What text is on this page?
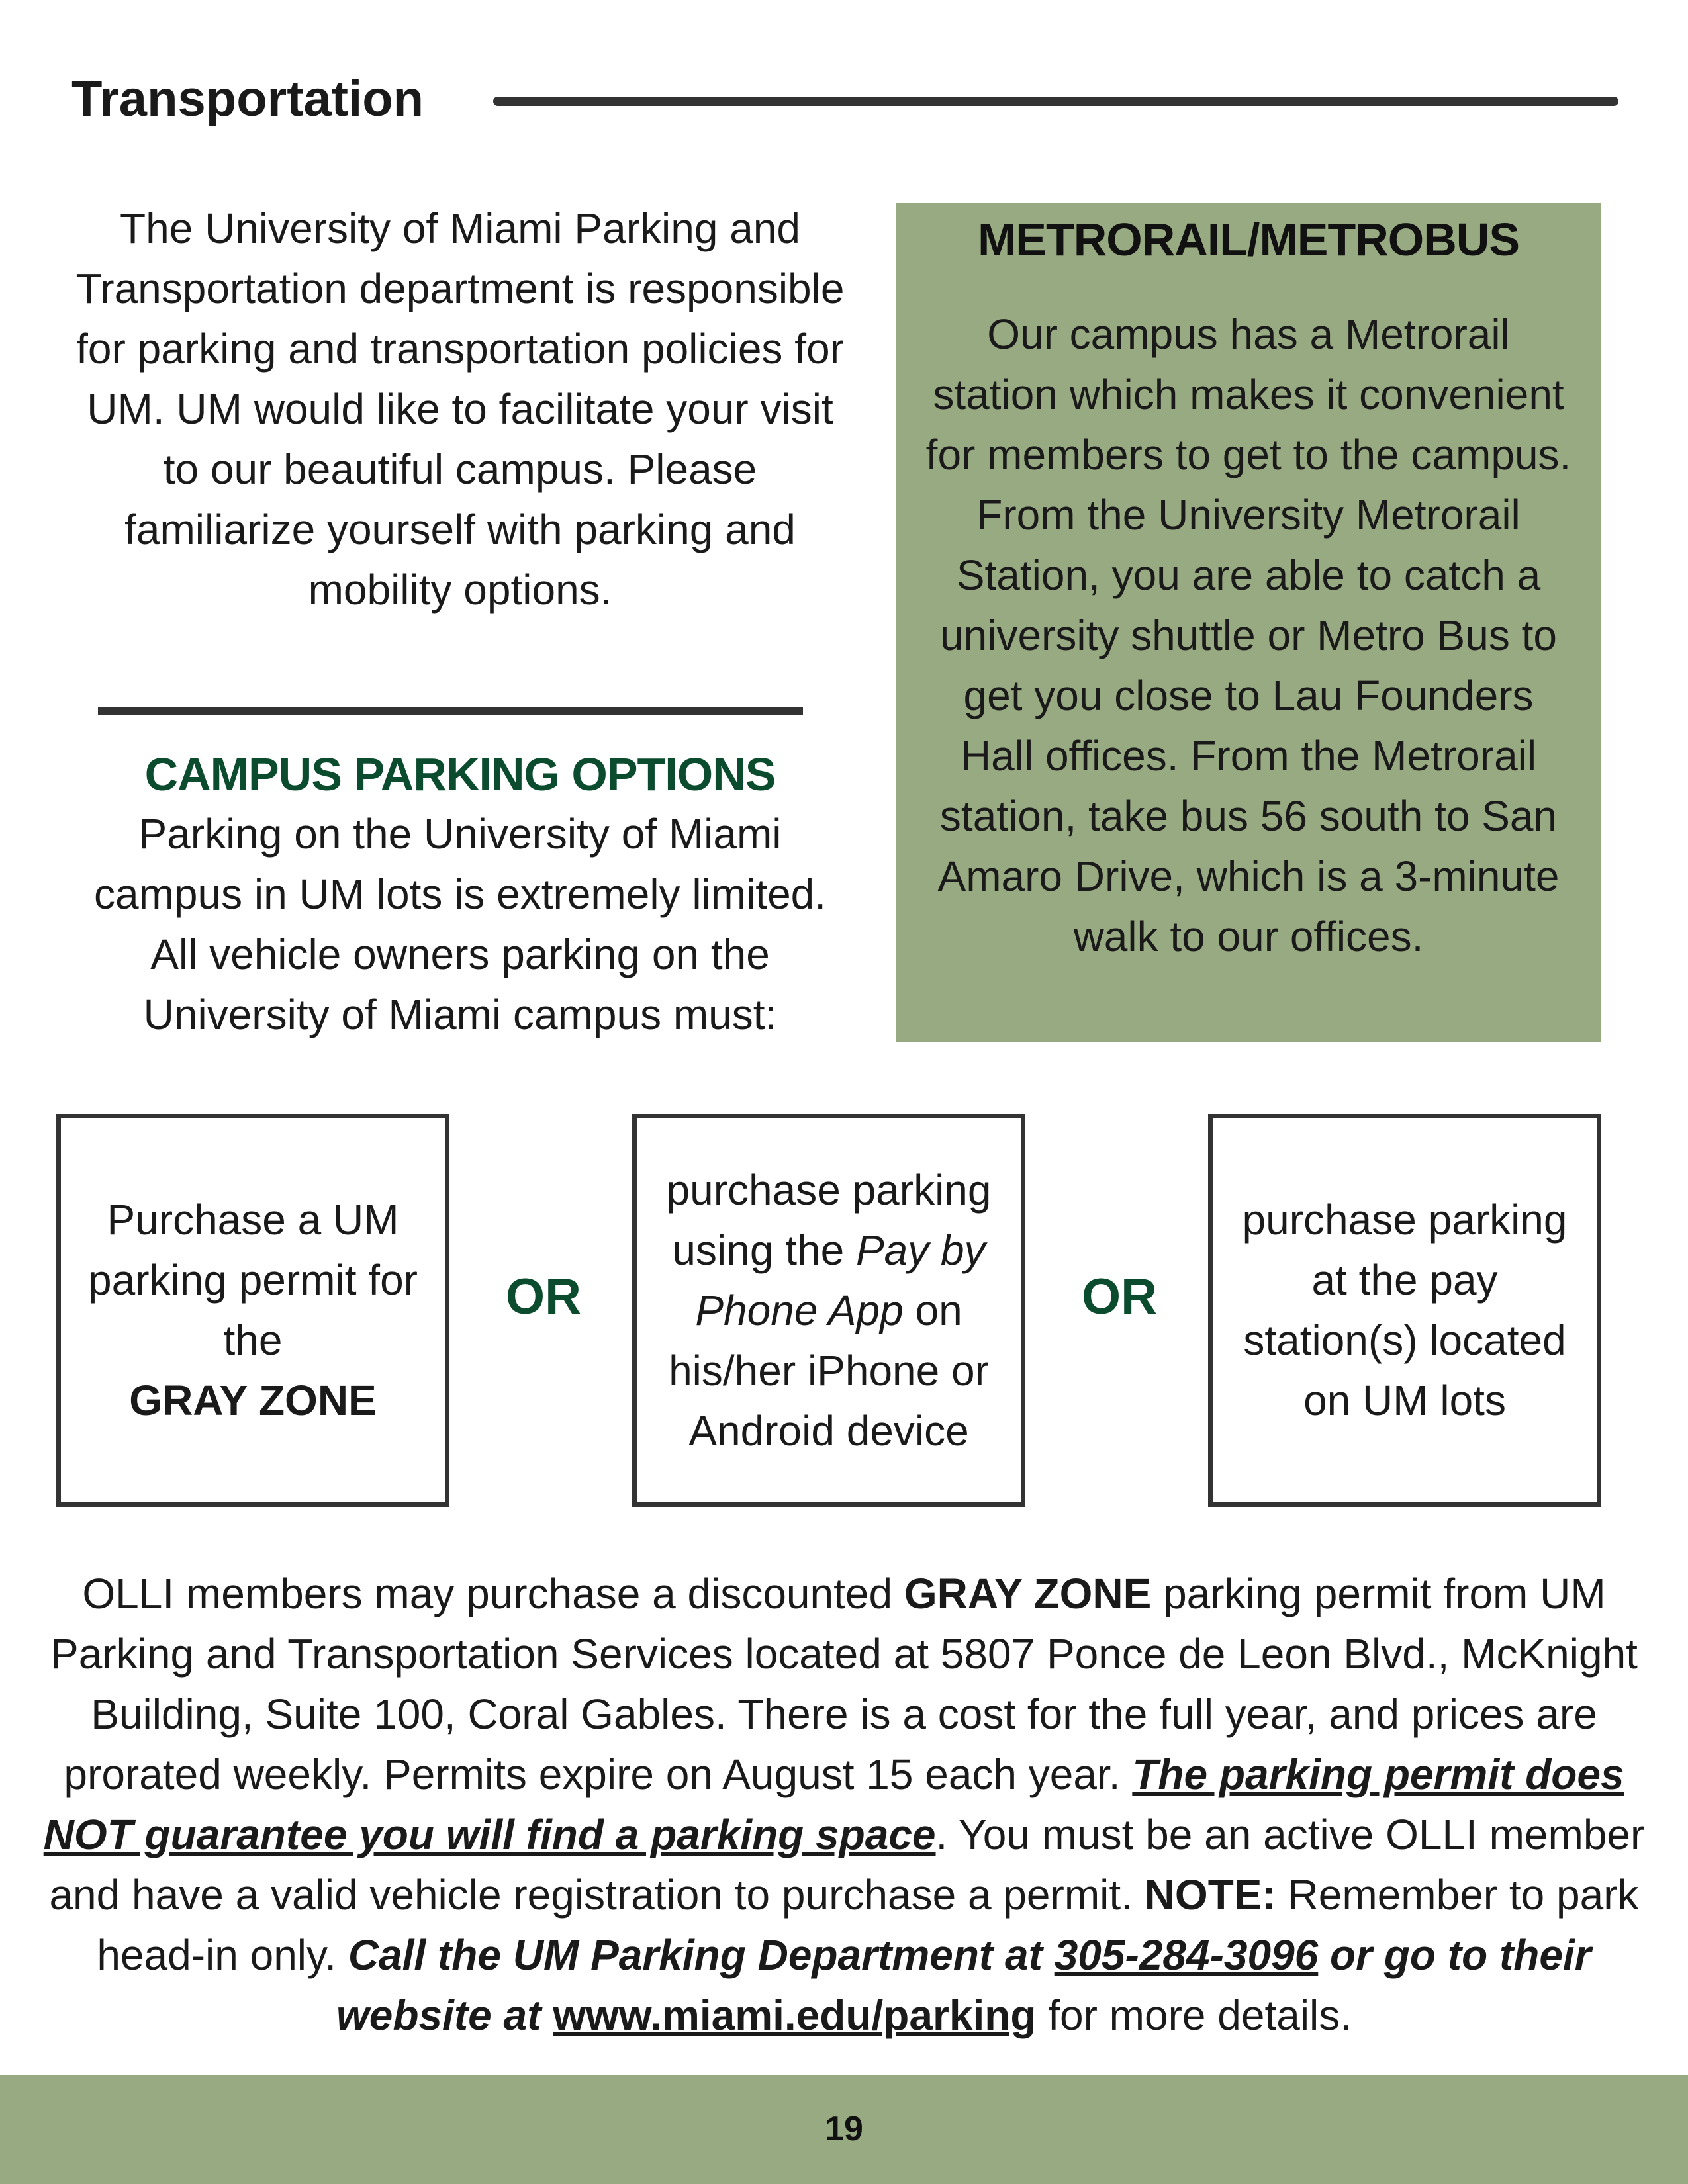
Transportation
The University of Miami Parking and Transportation department is responsible for parking and transportation policies for UM. UM would like to facilitate your visit to our beautiful campus. Please familiarize yourself with parking and mobility options.
CAMPUS PARKING OPTIONS
Parking on the University of Miami campus in UM lots is extremely limited. All vehicle owners parking on the University of Miami campus must:
METRORAIL/METROBUS
Our campus has a Metrorail station which makes it convenient for members to get to the campus. From the University Metrorail Station, you are able to catch a university shuttle or Metro Bus to get you close to Lau Founders Hall offices. From the Metrorail station, take bus 56 south to San Amaro Drive, which is a 3-minute walk to our offices.
Purchase a UM parking permit for the
GRAY ZONE
OR
purchase parking using the Pay by Phone App on his/her iPhone or Android device
OR
purchase parking at the pay station(s) located on UM lots
OLLI members may purchase a discounted GRAY ZONE parking permit from UM Parking and Transportation Services located at 5807 Ponce de Leon Blvd., McKnight Building, Suite 100, Coral Gables. There is a cost for the full year, and prices are prorated weekly. Permits expire on August 15 each year. The parking permit does NOT guarantee you will find a parking space. You must be an active OLLI member and have a valid vehicle registration to purchase a permit. NOTE: Remember to park head-in only. Call the UM Parking Department at 305-284-3096 or go to their website at www.miami.edu/parking for more details.
19
